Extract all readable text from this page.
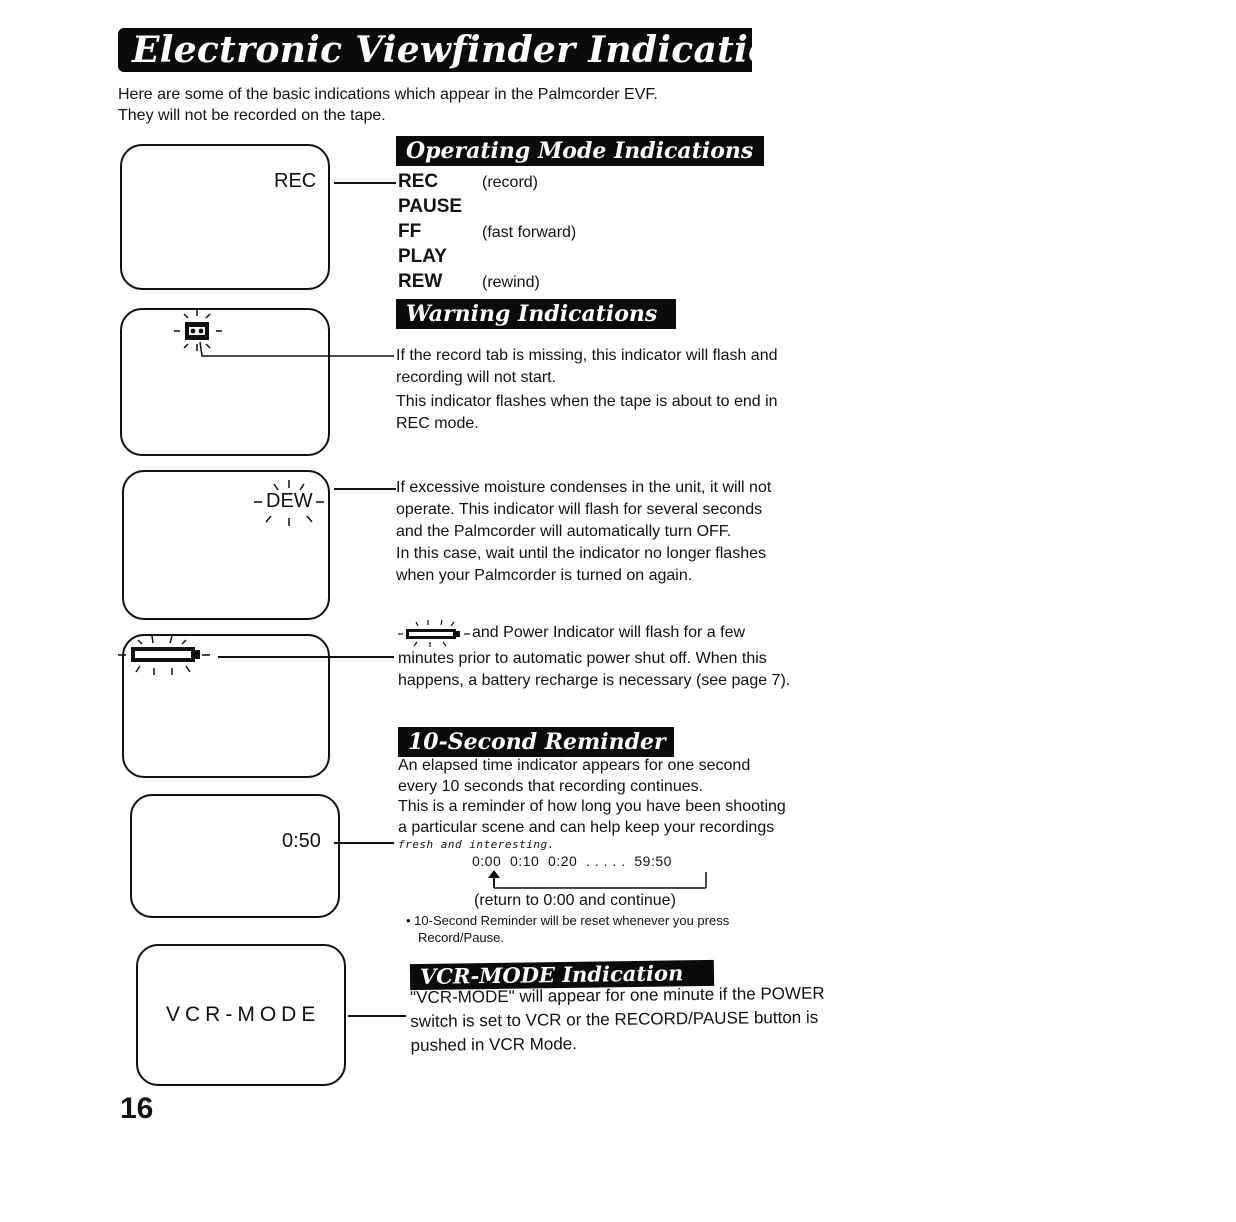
Electronic Viewfinder Indications
Here are some of the basic indications which appear in the Palmcorder EVF.
They will not be recorded on the tape.
REC
Operating Mode Indications
REC	(record)
PAUSE
FF	(fast forward)
PLAY
REW (rewind)
Warning Indications
If the record tab is missing, this indicator will flash and
recording will not start.
This indicator flashes when the tape is about to end in
REC mode.
DEW
If excessive moisture condenses in the unit, it will not
operate. This indicator will flash for several seconds
and the Palmcorder will automatically turn OFF.
In this case, wait until the indicator no longer flashes
when your Palmcorder is turned on again.
and Power Indicator will flash for a few
minutes prior to automatic power shut off. When this
happens, a battery recharge is necessary (see page 7).
10-Second Reminder
0:50
An elapsed time indicator appears for one second
every 10 seconds that recording continues.
This is a reminder of how long you have been shooting
a particular scene and can help keep your recordings
fresh and interesting.
0:00  0:10  0:20  . . . . .  59:50
(return to 0:00 and continue)
• 10-Second Reminder will be reset whenever you press
Record/Pause.
VCR-MODE
VCR-MODE Indication
"VCR-MODE" will appear for one minute if the POWER
switch is set to VCR or the RECORD/PAUSE button is
pushed in VCR Mode.
16
